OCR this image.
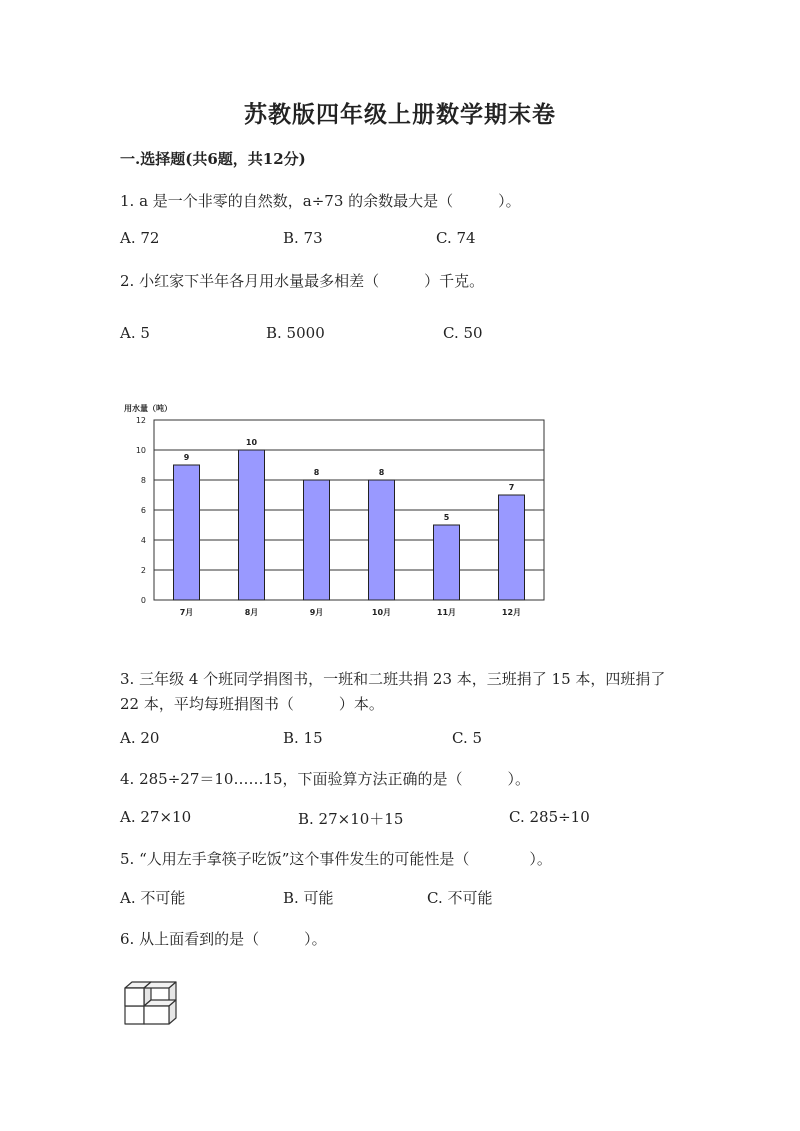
苏教版四年级上册数学期末卷
一.选择题(共6题，共12分)
1. a 是一个非零的自然数，a÷73 的余数最大是（　　　）。
A. 72	B. 73	C. 74
2. 小红家下半年各月用水量最多相差（　　　）千克。
A. 5	B. 5000	C. 50
用水量（吨）
0
2
4
6
8
10
12
9
7月
10
8月
8
9月
8
10月
5
11月
7
12月
3. 三年级 4 个班同学捐图书，一班和二班共捐 23 本，三班捐了 15 本，四班捐了 22 本，平均每班捐图书（　　　）本。
A. 20	B. 15	C. 5
4. 285÷27＝10……15，下面验算方法正确的是（　　　）。
A. 27×10	B. 27×10＋15	C. 285÷10
5. “人用左手拿筷子吃饭”这个事件发生的可能性是（　　　　）。
A. 不可能	B. 可能	C. 不可能
6. 从上面看到的是（　　　）。
